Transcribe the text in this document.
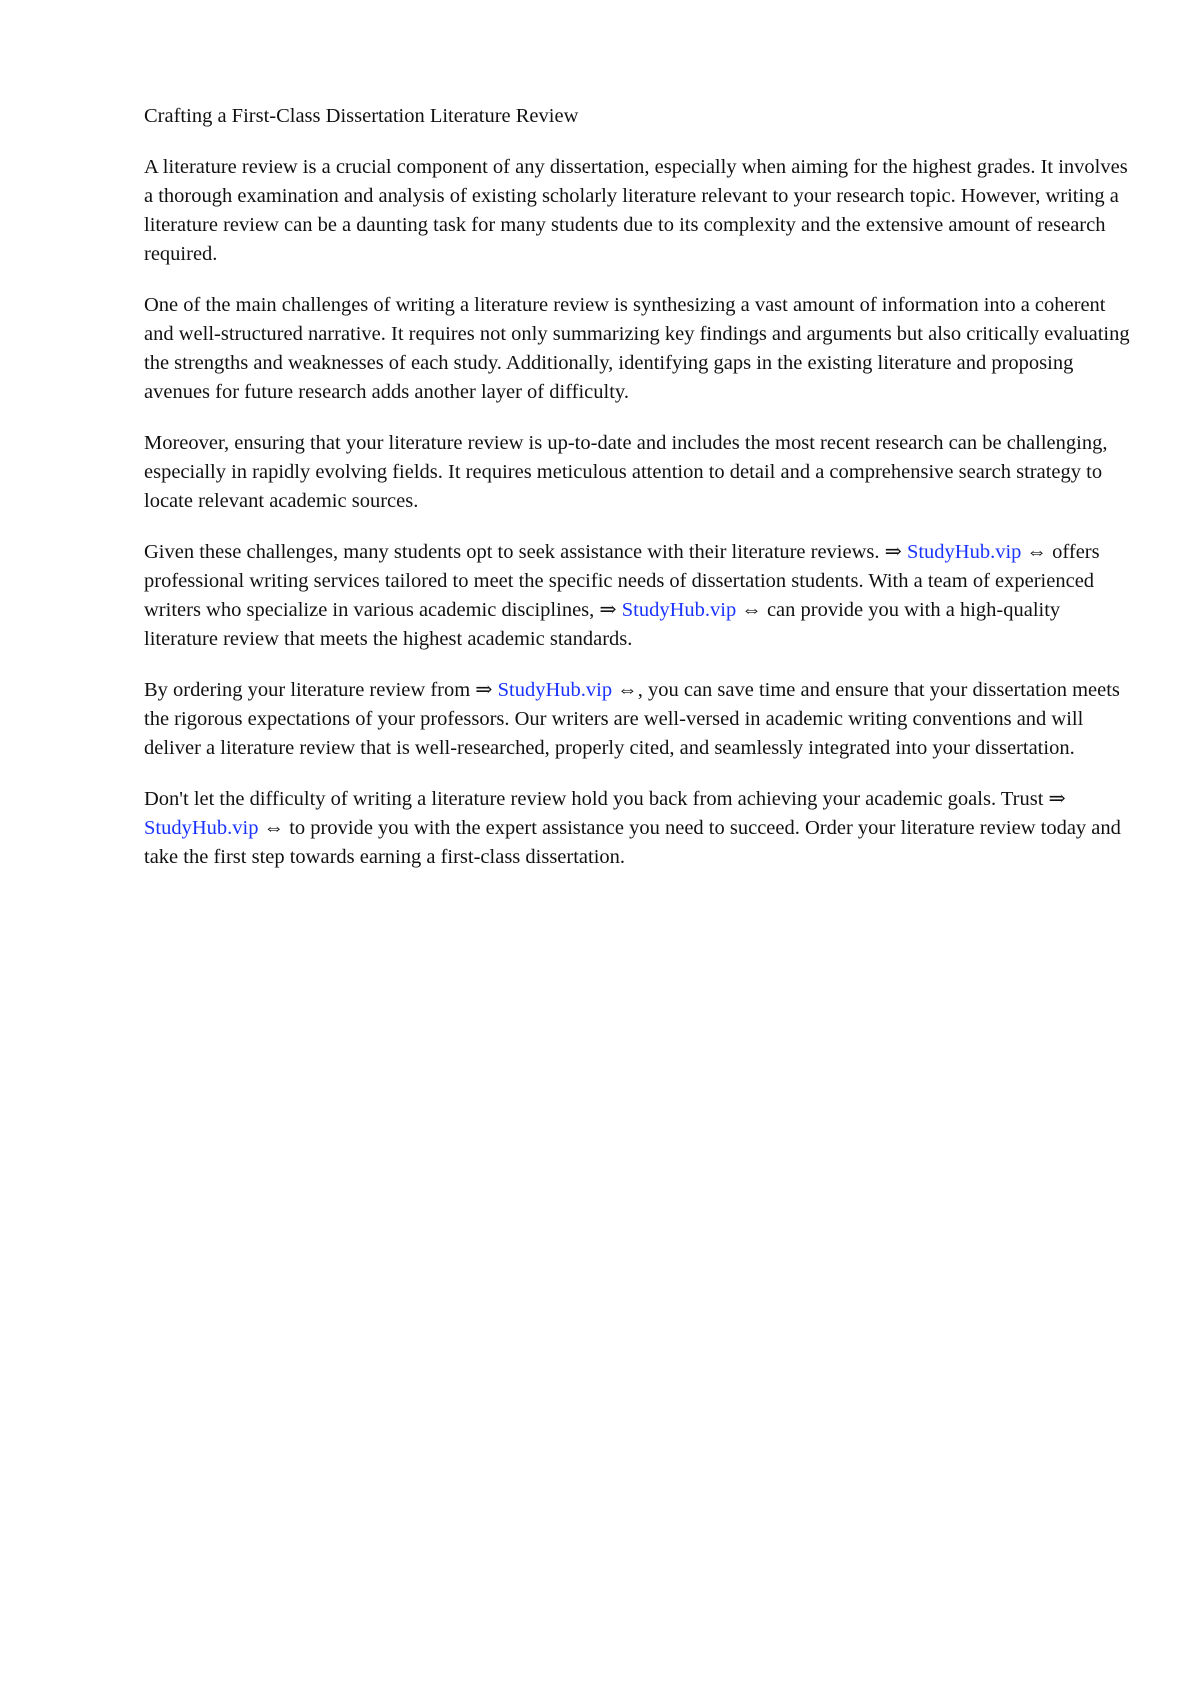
Crafting a First-Class Dissertation Literature Review

A literature review is a crucial component of any dissertation, especially when aiming for the highest grades. It involves a thorough examination and analysis of existing scholarly literature relevant to your research topic. However, writing a literature review can be a daunting task for many students due to its complexity and the extensive amount of research required.

One of the main challenges of writing a literature review is synthesizing a vast amount of information into a coherent and well-structured narrative. It requires not only summarizing key findings and arguments but also critically evaluating the strengths and weaknesses of each study. Additionally, identifying gaps in the existing literature and proposing avenues for future research adds another layer of difficulty.

Moreover, ensuring that your literature review is up-to-date and includes the most recent research can be challenging, especially in rapidly evolving fields. It requires meticulous attention to detail and a comprehensive search strategy to locate relevant academic sources.

Given these challenges, many students opt to seek assistance with their literature reviews. ⇒ StudyHub.vip ⇔ offers professional writing services tailored to meet the specific needs of dissertation students. With a team of experienced writers who specialize in various academic disciplines, ⇒ StudyHub.vip ⇔ can provide you with a high-quality literature review that meets the highest academic standards.

By ordering your literature review from ⇒ StudyHub.vip ⇔, you can save time and ensure that your dissertation meets the rigorous expectations of your professors. Our writers are well-versed in academic writing conventions and will deliver a literature review that is well-researched, properly cited, and seamlessly integrated into your dissertation.

Don't let the difficulty of writing a literature review hold you back from achieving your academic goals. Trust ⇒ StudyHub.vip ⇔ to provide you with the expert assistance you need to succeed. Order your literature review today and take the first step towards earning a first-class dissertation.
